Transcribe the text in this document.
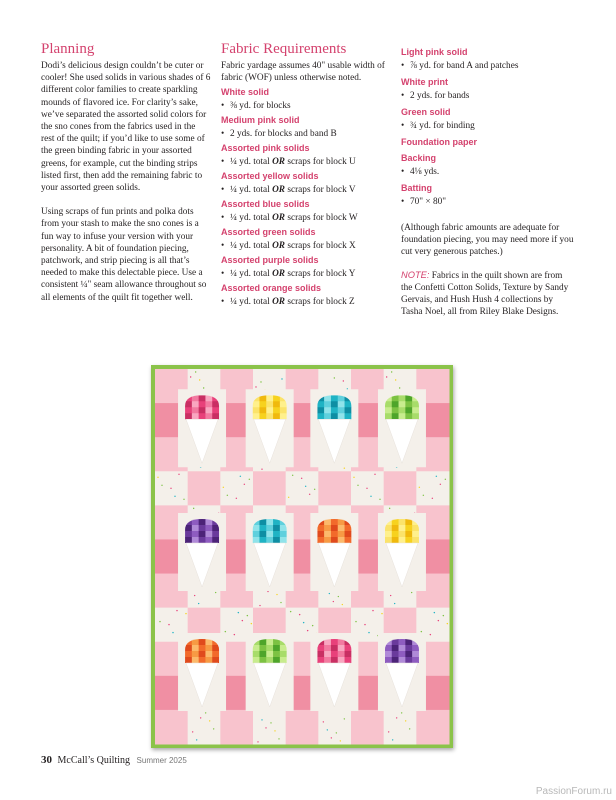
Planning

Dodi’s delicious design couldn’t be cuter or cooler! She used solids in various shades of 6 different color families to create sparkling mounds of flavored ice. For clarity’s sake, we’ve separated the assorted solid colors for the sno cones from the fabrics used in the rest of the quilt; if you’d like to use some of the green binding fabric in your assorted greens, for example, cut the binding strips listed first, then add the remaining fabric to your assorted green solids.

Using scraps of fun prints and polka dots from your stash to make the sno cones is a fun way to infuse your version with your personality. A bit of foundation piecing, patchwork, and strip piecing is all that’s needed to make this delectable piece. Use a consistent ¼" seam allowance throughout so all elements of the quilt fit together well.

Fabric Requirements

Fabric yardage assumes 40" usable width of fabric (WOF) unless otherwise noted.

White solid
• ⅜ yd. for blocks
Medium pink solid
• 2 yds. for blocks and band B
Assorted pink solids
• ¼ yd. total OR scraps for block U
Assorted yellow solids
• ¼ yd. total OR scraps for block V
Assorted blue solids
• ¼ yd. total OR scraps for block W
Assorted green solids
• ¼ yd. total OR scraps for block X
Assorted purple solids
• ¼ yd. total OR scraps for block Y
Assorted orange solids
• ¼ yd. total OR scraps for block Z
Light pink solid
• ⅞ yd. for band A and patches
White print
• 2 yds. for bands
Green solid
• ¾ yd. for binding
Foundation paper
Backing
• 4⅛ yds.
Batting
• 70" × 80"

(Although fabric amounts are adequate for foundation piecing, you may need more if you cut very generous patches.)

NOTE: Fabrics in the quilt shown are from the Confetti Cotton Solids, Texture by Sandy Gervais, and Hush Hush 4 collections by Tasha Noel, all from Riley Blake Designs.

30 McCall’s Quilting Summer 2025
PassionForum.ru
